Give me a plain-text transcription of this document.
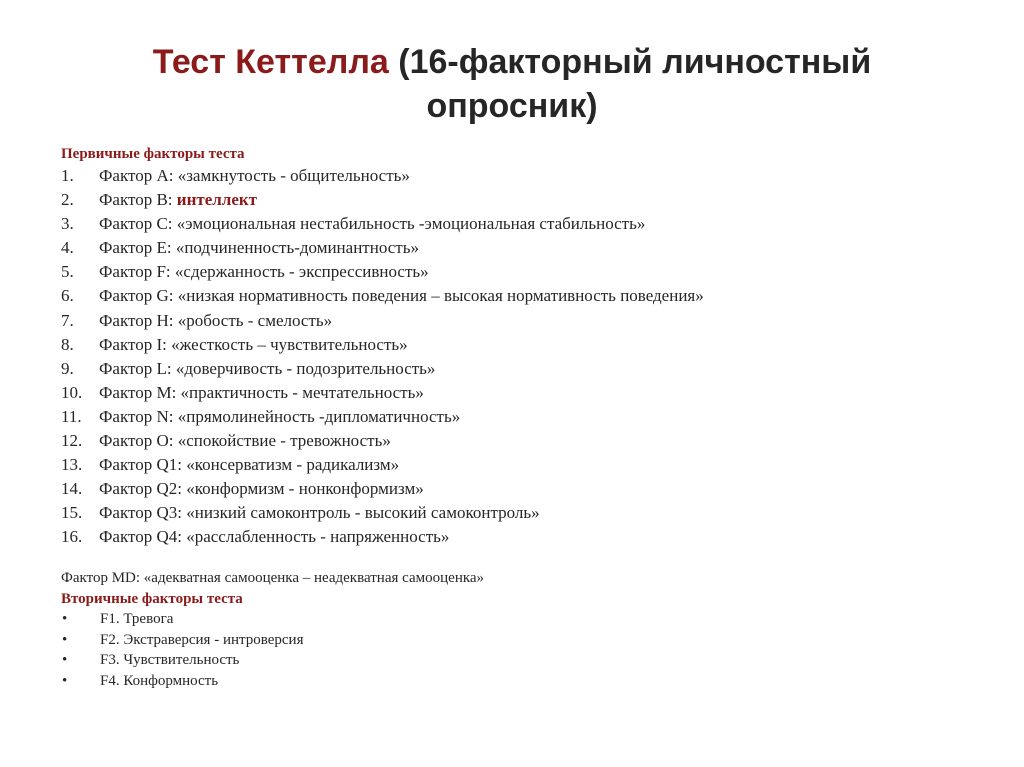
Тест Кеттелла (16-факторный личностный опросник)

Первичные факторы теста

1. Фактор А: «замкнутость - общительность»
2. Фактор В: интеллект
3. Фактор С: «эмоциональная нестабильность -эмоциональная стабильность»
4. Фактор Е: «подчиненность-доминантность»
5. Фактор F: «сдержанность - экспрессивность»
6. Фактор G: «низкая нормативность поведения – высокая нормативность поведения»
7. Фактор Н: «робость - смелость»
8. Фактор I: «жесткость – чувствительность»
9. Фактор L: «доверчивость - подозрительность»
10. Фактор М: «практичность - мечтательность»
11. Фактор N: «прямолинейность -дипломатичность»
12. Фактор О: «спокойствие - тревожность»
13. Фактор Q1: «консерватизм - радикализм»
14. Фактор Q2: «конформизм - нонконформизм»
15. Фактор Q3: «низкий самоконтроль - высокий самоконтроль»
16. Фактор Q4: «расслабленность - напряженность»

Фактор MD: «адекватная самооценка – неадекватная самооценка»

Вторичные факторы теста

• F1. Тревога
• F2. Экстраверсия - интроверсия
• F3. Чувствительность
• F4. Конформность
